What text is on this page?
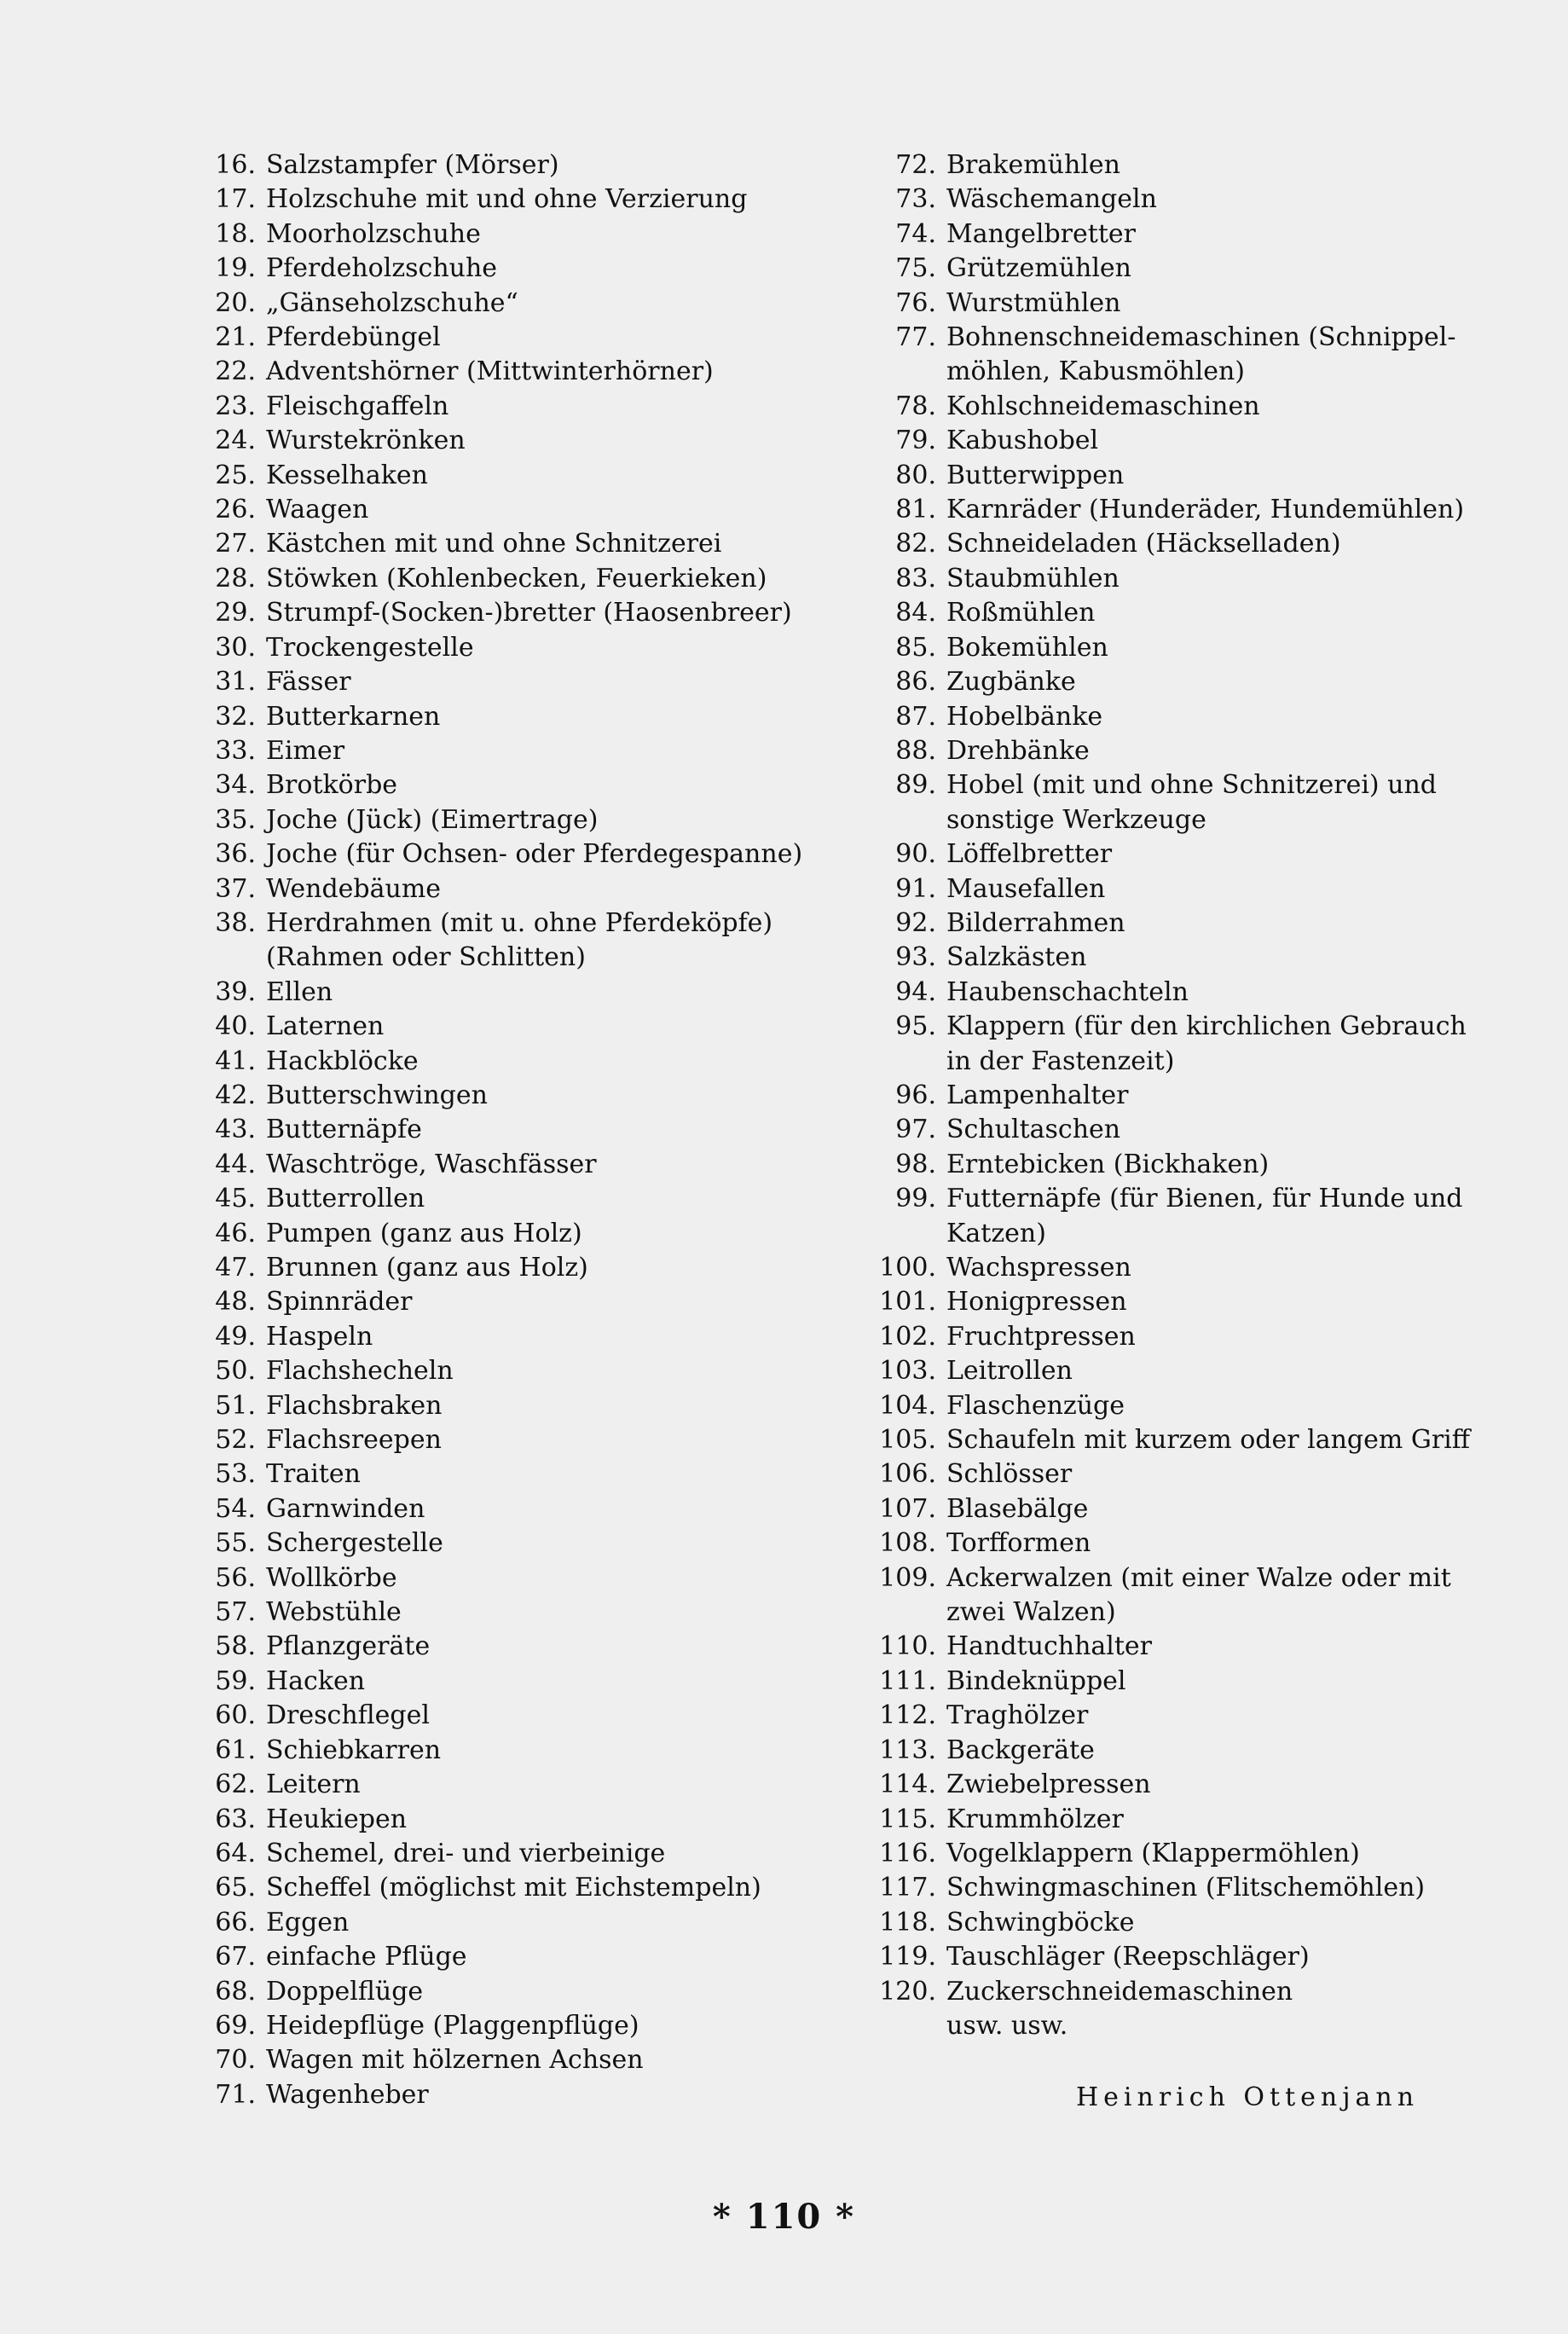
16. Salzstampfer (Mörser)
17. Holzschuhe mit und ohne Verzierung
18. Moorholzschuhe
19. Pferdeholzschuhe
20. „Gänseholzschuhe“
21. Pferdebüngel
22. Adventshörner (Mittwinterhörner)
23. Fleischgaffeln
24. Wurstekrönken
25. Kesselhaken
26. Waagen
27. Kästchen mit und ohne Schnitzerei
28. Stöwken (Kohlenbecken, Feuerkieken)
29. Strumpf-(Socken-)bretter (Haosenbreer)
30. Trockengestelle
31. Fässer
32. Butterkarnen
33. Eimer
34. Brotkörbe
35. Joche (Jück) (Eimertrage)
36. Joche (für Ochsen- oder Pferdegespanne)
37. Wendebäume
38. Herdrahmen (mit u. ohne Pferdeköpfe)
(Rahmen oder Schlitten)
39. Ellen
40. Laternen
41. Hackblöcke
42. Butterschwingen
43. Butternäpfe
44. Waschtröge, Waschfässer
45. Butterrollen
46. Pumpen (ganz aus Holz)
47. Brunnen (ganz aus Holz)
48. Spinnräder
49. Haspeln
50. Flachshecheln
51. Flachsbraken
52. Flachsreepen
53. Traiten
54. Garnwinden
55. Schergestelle
56. Wollkörbe
57. Webstühle
58. Pflanzgeräte
59. Hacken
60. Dreschflegel
61. Schiebkarren
62. Leitern
63. Heukiepen
64. Schemel, drei- und vierbeinige
65. Scheffel (möglichst mit Eichstempeln)
66. Eggen
67. einfache Pflüge
68. Doppelflüge
69. Heidepflüge (Plaggenpflüge)
70. Wagen mit hölzernen Achsen
71. Wagenheber
72. Brakemühlen
73. Wäschemangeln
74. Mangelbretter
75. Grützemühlen
76. Wurstmühlen
77. Bohnenschneidemaschinen (Schnippel-
möhlen, Kabusmöhlen)
78. Kohlschneidemaschinen
79. Kabushobel
80. Butterwippen
81. Karnräder (Hunderäder, Hundemühlen)
82. Schneideladen (Häckselladen)
83. Staubmühlen
84. Roßmühlen
85. Bokemühlen
86. Zugbänke
87. Hobelbänke
88. Drehbänke
89. Hobel (mit und ohne Schnitzerei) und
sonstige Werkzeuge
90. Löffelbretter
91. Mausefallen
92. Bilderrahmen
93. Salzkästen
94. Haubenschachteln
95. Klappern (für den kirchlichen Gebrauch
in der Fastenzeit)
96. Lampenhalter
97. Schultaschen
98. Erntebicken (Bickhaken)
99. Futternäpfe (für Bienen, für Hunde und
Katzen)
100. Wachspressen
101. Honigpressen
102. Fruchtpressen
103. Leitrollen
104. Flaschenzüge
105. Schaufeln mit kurzem oder langem Griff
106. Schlösser
107. Blasebälge
108. Torfformen
109. Ackerwalzen (mit einer Walze oder mit
zwei Walzen)
110. Handtuchhalter
111. Bindeknüppel
112. Traghölzer
113. Backgeräte
114. Zwiebelpressen
115. Krummhölzer
116. Vogelklappern (Klappermöhlen)
117. Schwingmaschinen (Flitschemöhlen)
118. Schwingböcke
119. Tauschläger (Reepschläger)
120. Zuckerschneidemaschinen
usw. usw.
Heinrich Ottenjann
* 110 *
